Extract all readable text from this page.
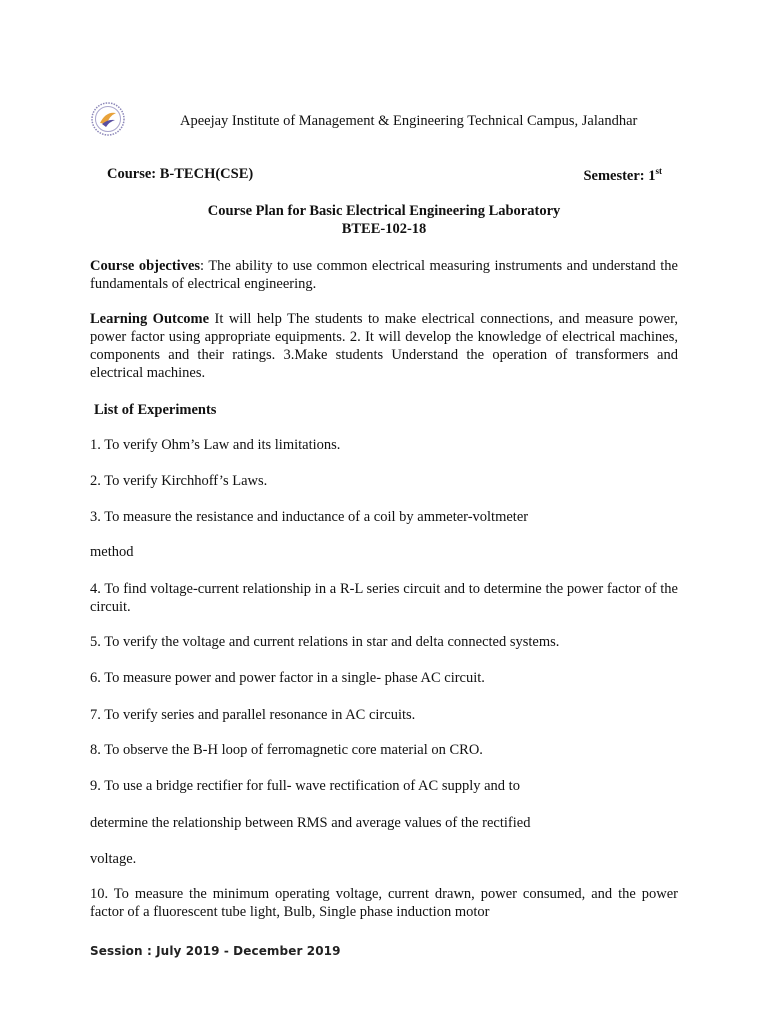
Apeejay Institute of Management & Engineering Technical Campus, Jalandhar
Course: B-TECH(CSE)	Semester: 1st
Course Plan for Basic Electrical Engineering Laboratory
BTEE-102-18
Course objectives: The ability to use common electrical measuring instruments and understand the fundamentals of electrical engineering.
Learning Outcome It will help The students to make electrical connections, and measure power, power factor using appropriate equipments. 2. It will develop the knowledge of electrical machines, components and their ratings. 3.Make students Understand the operation of transformers and electrical machines.
List of Experiments
1. To verify Ohm’s Law and its limitations.
2. To verify Kirchhoff’s Laws.
3. To measure the resistance and inductance of a coil by ammeter-voltmeter
method
4. To find voltage-current relationship in a R-L series circuit and to determine the power factor of the circuit.
5. To verify the voltage and current relations in star and delta connected systems.
6. To measure power and power factor in a single- phase AC circuit.
7. To verify series and parallel resonance in AC circuits.
8. To observe the B-H loop of ferromagnetic core material on CRO.
9. To use a bridge rectifier for full- wave rectification of AC supply and to
determine the relationship between RMS and average values of the rectified
voltage.
10. To measure the minimum operating voltage, current drawn, power consumed, and the power factor of a fluorescent tube light, Bulb, Single phase induction motor
Session : July 2019 - December 2019
